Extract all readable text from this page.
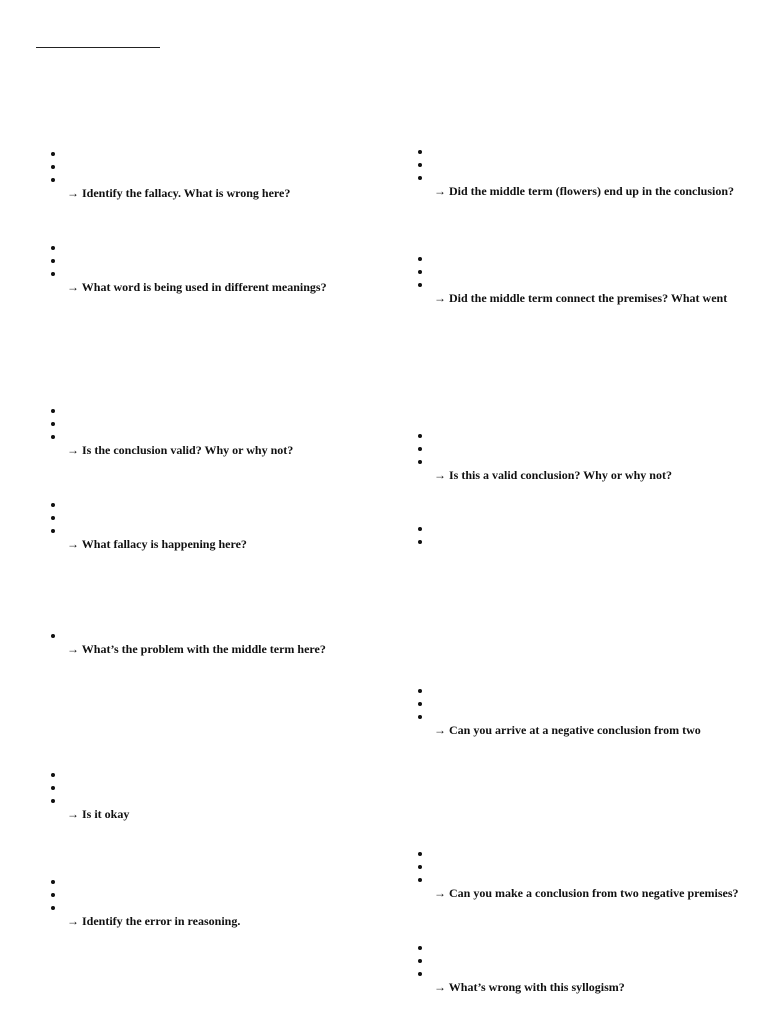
→ Identify the fallacy. What is wrong here?
→ What word is being used in different meanings?
→ Is the conclusion valid? Why or why not?
→ What fallacy is happening here?
→ What’s the problem with the middle term here?
→ Is it okay
→ Identify the error in reasoning.
→ Did the middle term (flowers) end up in the conclusion?
→ Did the middle term connect the premises? What went
→ Is this a valid conclusion? Why or why not?
→ Can you arrive at a negative conclusion from two
→ Can you make a conclusion from two negative premises?
→ What’s wrong with this syllogism?
